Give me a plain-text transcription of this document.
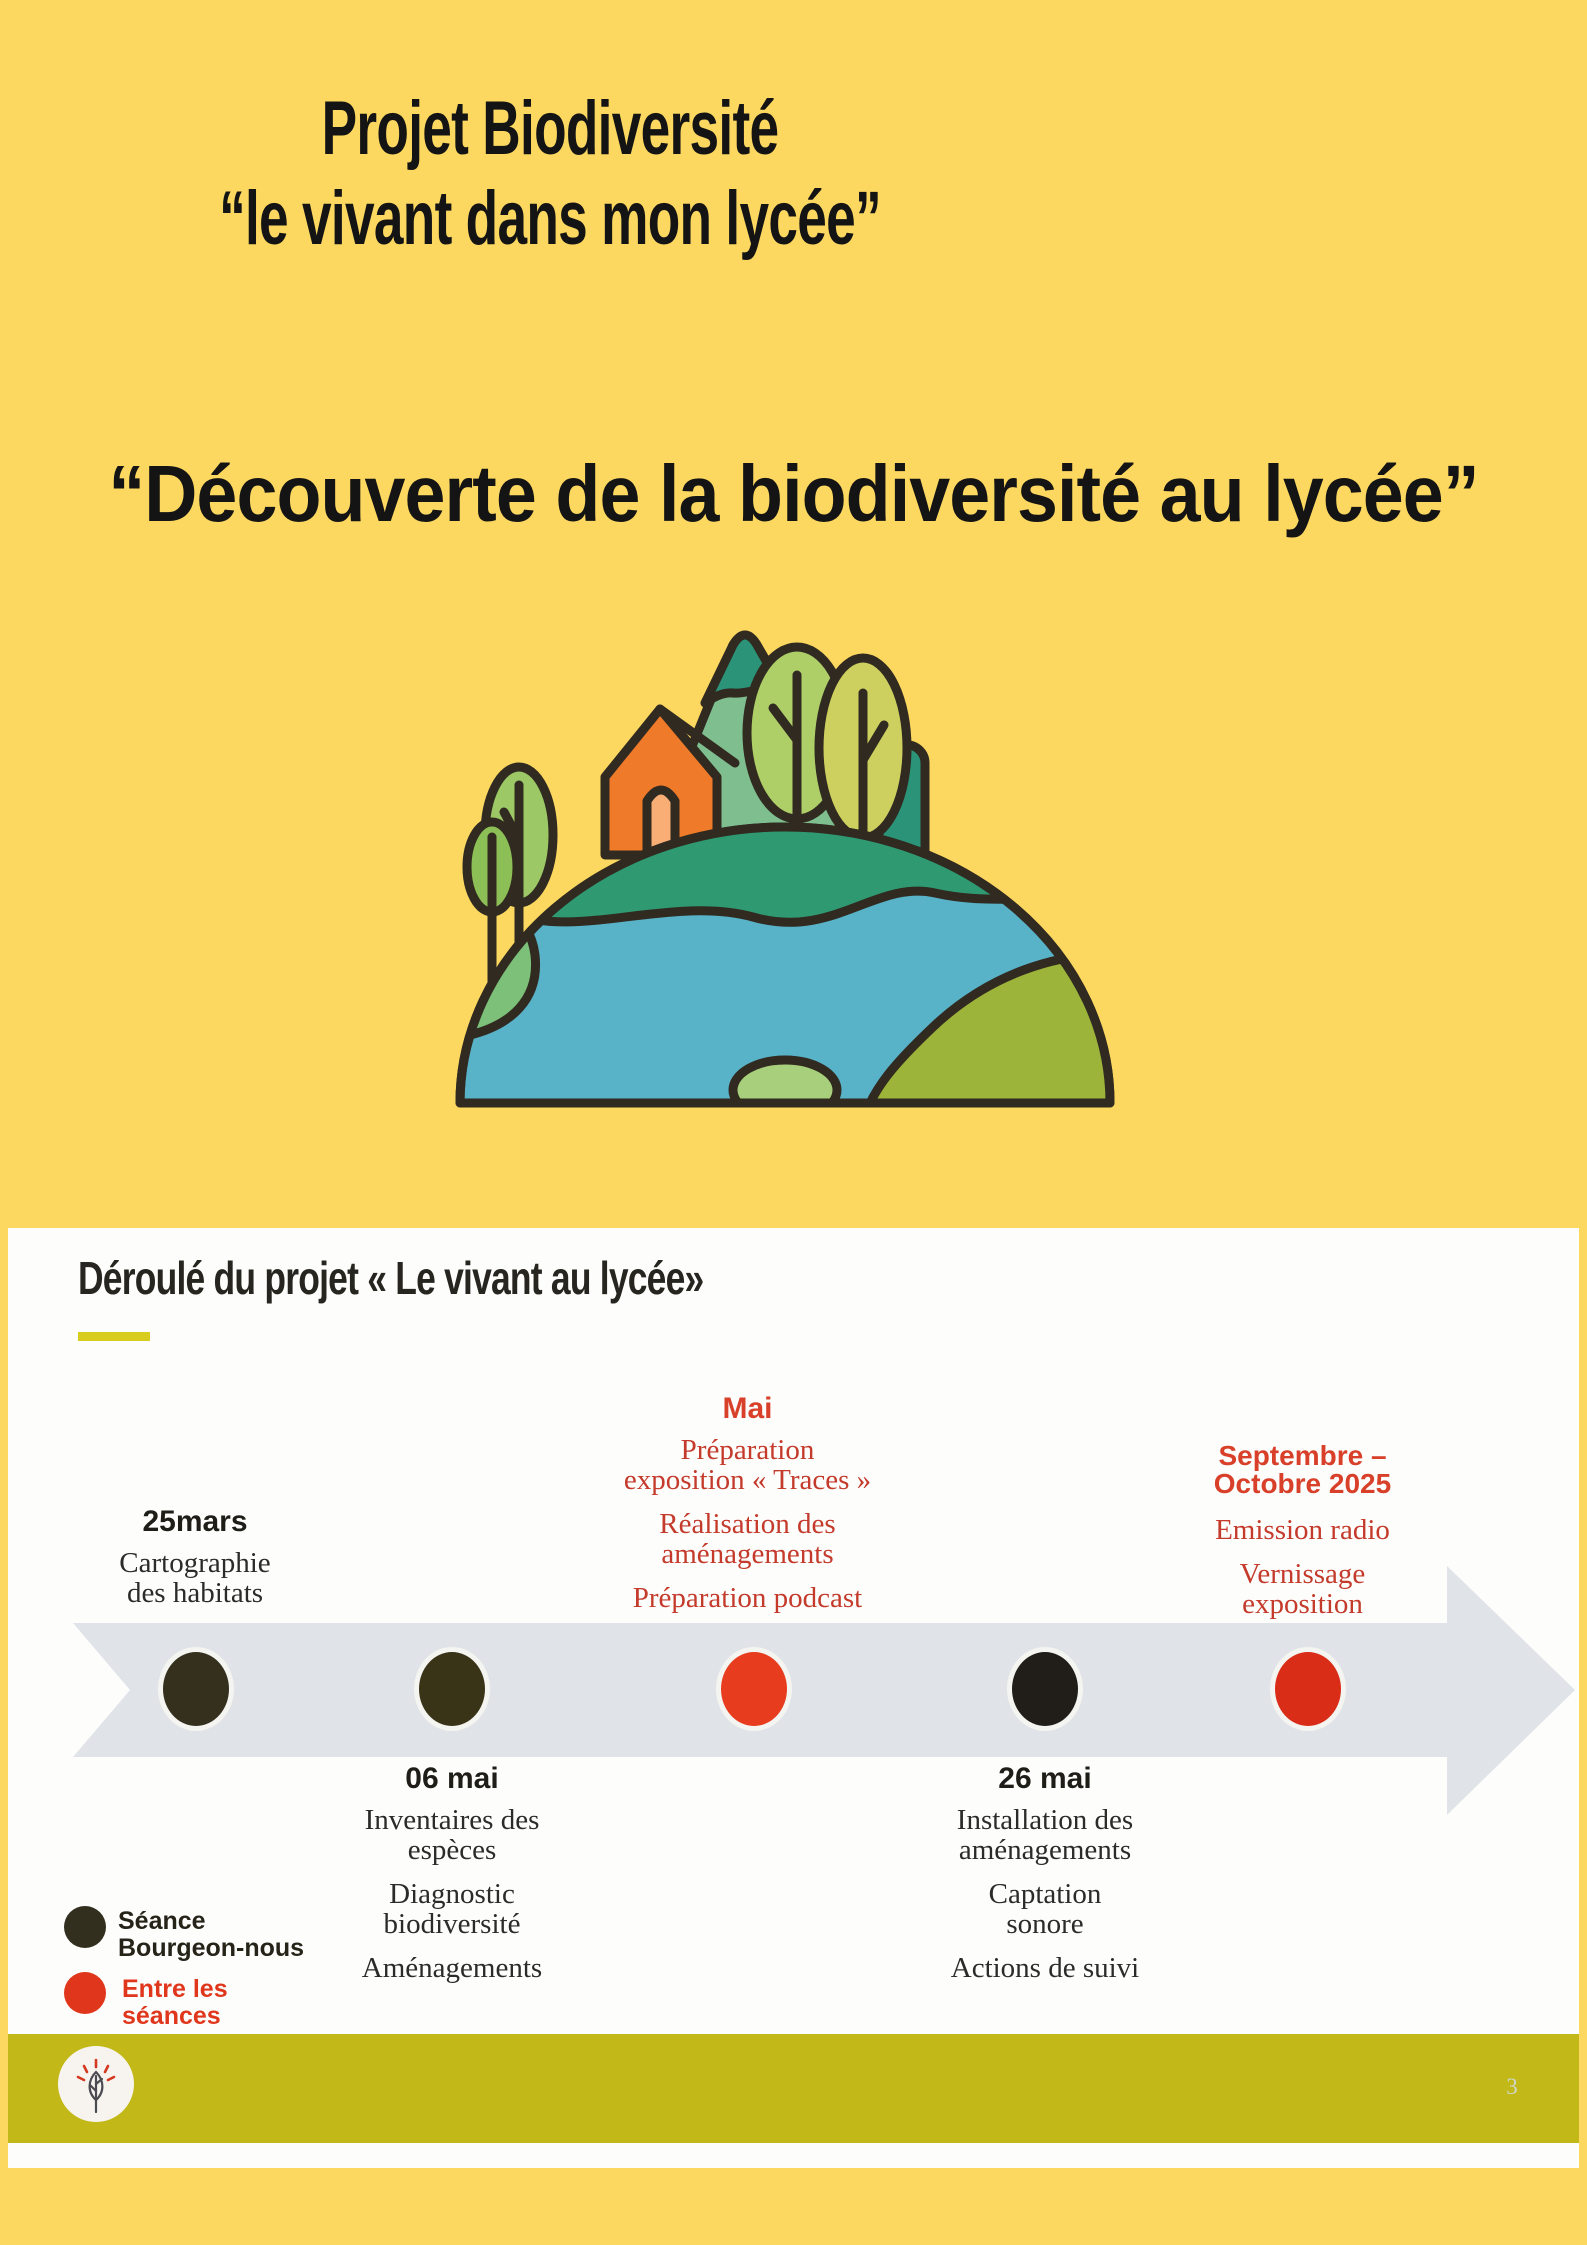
Projet Biodiversité
“le vivant dans mon lycée”
“Découverte de la biodiversité au lycée”
Déroulé du projet « Le vivant au lycée»
25mars
Cartographie
des habitats
Mai
Préparation
exposition « Traces »
Réalisation des
aménagements
Préparation podcast
Septembre –
Octobre 2025
Emission radio
Vernissage
exposition
06 mai
Inventaires des
espèces
Diagnostic
biodiversité
Aménagements
26 mai
Installation des
aménagements
Captation
sonore
Actions de suivi
Séance
Bourgeon-nous
Entre les
séances
3
